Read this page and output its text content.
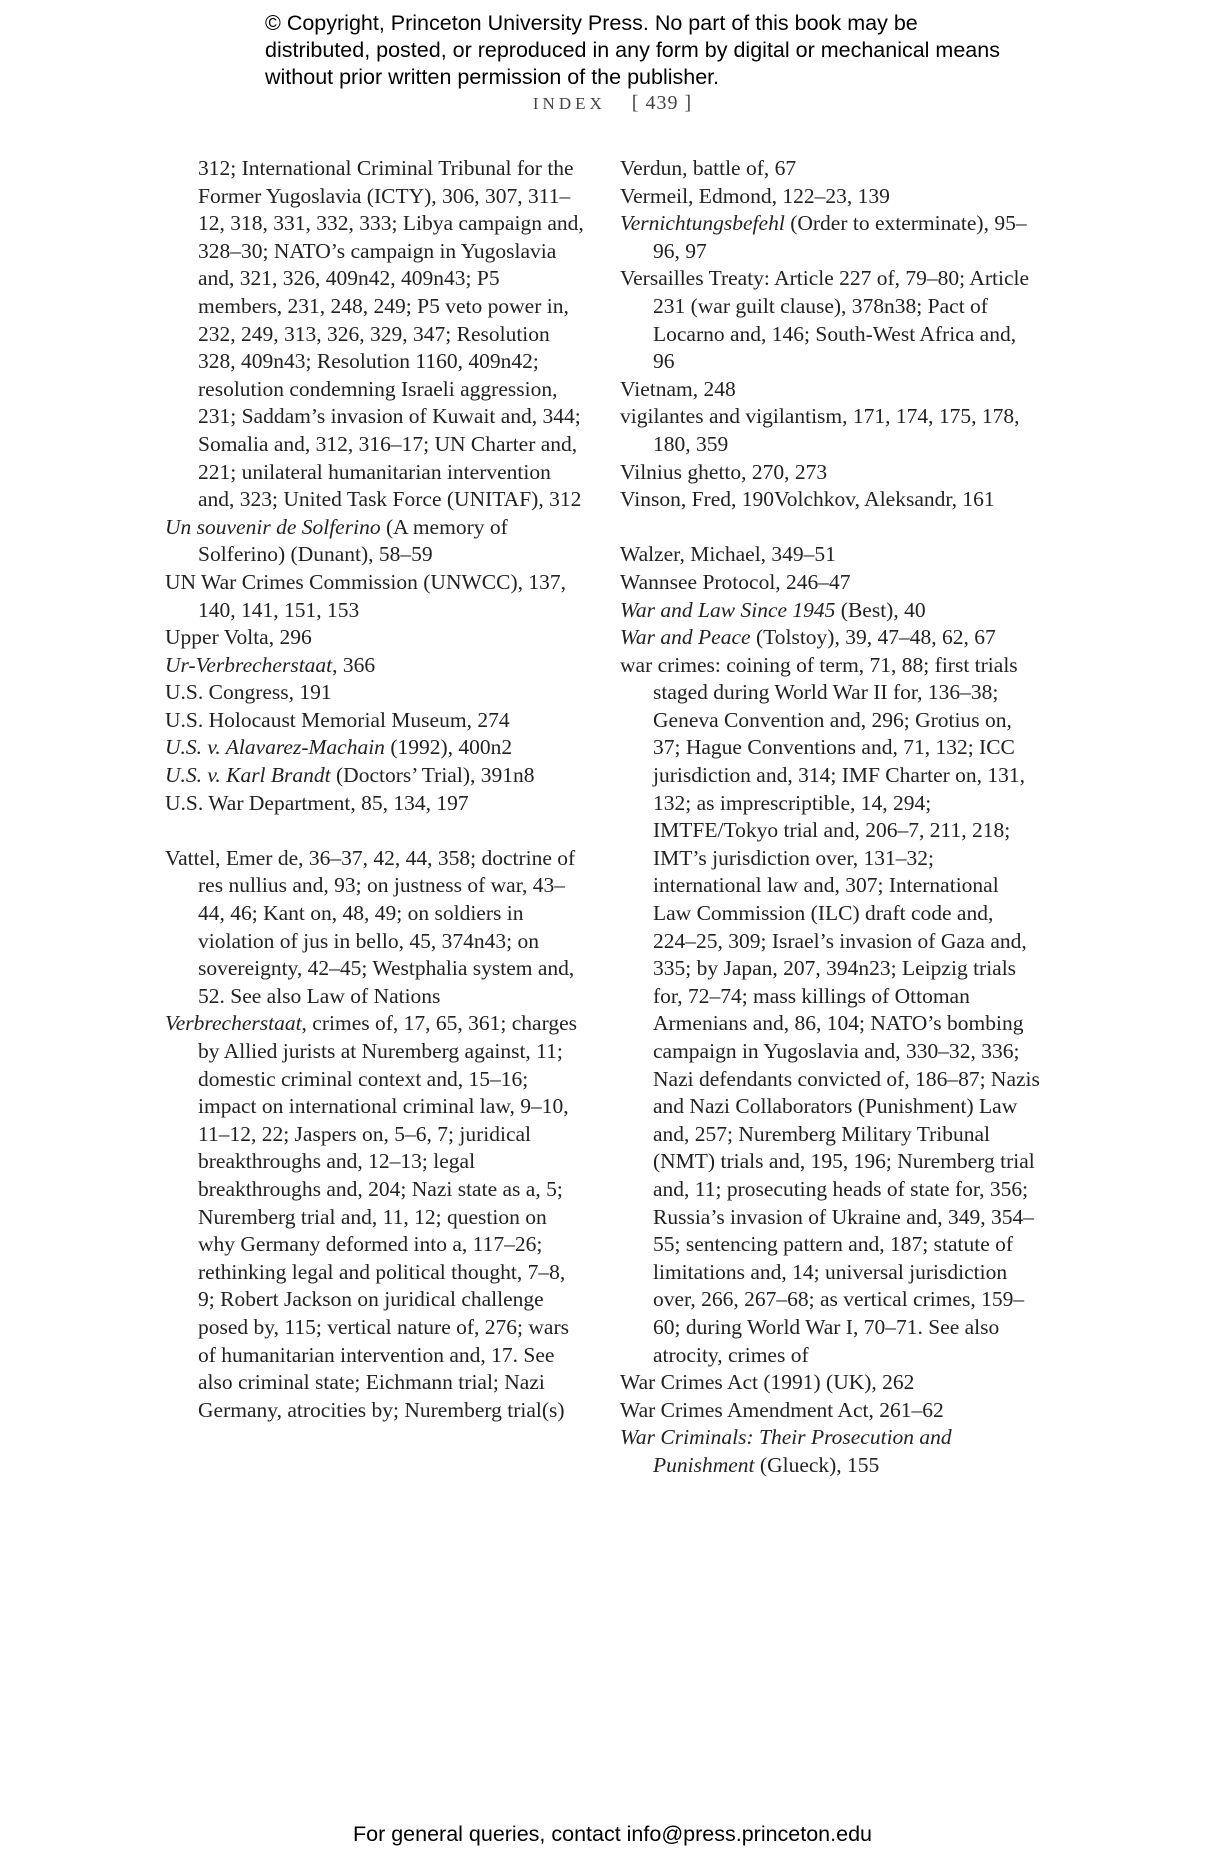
© Copyright, Princeton University Press. No part of this book may be distributed, posted, or reproduced in any form by digital or mechanical means without prior written permission of the publisher.
INDEX [ 439 ]

312; International Criminal Tribunal for the Former Yugoslavia (ICTY), 306, 307, 311–12, 318, 331, 332, 333; Libya campaign and, 328–30; NATO’s campaign in Yugoslavia and, 321, 326, 409n42, 409n43; P5 members, 231, 248, 249; P5 veto power in, 232, 249, 313, 326, 329, 347; Resolution 328, 409n43; Resolution 1160, 409n42; resolution condemning Israeli aggression, 231; Saddam’s invasion of Kuwait and, 344; Somalia and, 312, 316–17; UN Charter and, 221; unilateral humanitarian intervention and, 323; United Task Force (UNITAF), 312

Un souvenir de Solferino (A memory of Solferino) (Dunant), 58–59

UN War Crimes Commission (UNWCC), 137, 140, 141, 151, 153

Upper Volta, 296

Ur-Verbrecherstaat, 366

U.S. Congress, 191

U.S. Holocaust Memorial Museum, 274

U.S. v. Alavarez-Machain (1992), 400n2

U.S. v. Karl Brandt (Doctors’ Trial), 391n8

U.S. War Department, 85, 134, 197

Vattel, Emer de, 36–37, 42, 44, 358; doctrine of res nullius and, 93; on justness of war, 43–44, 46; Kant on, 48, 49; on soldiers in violation of jus in bello, 45, 374n43; on sovereignty, 42–45; Westphalia system and, 52. See also Law of Nations

Verbrecherstaat, crimes of, 17, 65, 361; charges by Allied jurists at Nuremberg against, 11; domestic criminal context and, 15–16; impact on international criminal law, 9–10, 11–12, 22; Jaspers on, 5–6, 7; juridical breakthroughs and, 12–13; legal breakthroughs and, 204; Nazi state as a, 5; Nuremberg trial and, 11, 12; question on why Germany deformed into a, 117–26; rethinking legal and political thought, 7–8, 9; Robert Jackson on juridical challenge posed by, 115; vertical nature of, 276; wars of humanitarian intervention and, 17. See also criminal state; Eichmann trial; Nazi Germany, atrocities by; Nuremberg trial(s)

Verdun, battle of, 67

Vermeil, Edmond, 122–23, 139

Vernichtungsbefehl (Order to exterminate), 95–96, 97

Versailles Treaty: Article 227 of, 79–80; Article 231 (war guilt clause), 378n38; Pact of Locarno and, 146; South-West Africa and, 96

Vietnam, 248

vigilantes and vigilantism, 171, 174, 175, 178, 180, 359

Vilnius ghetto, 270, 273

Vinson, Fred, 190Volchkov, Aleksandr, 161

Walzer, Michael, 349–51

Wannsee Protocol, 246–47

War and Law Since 1945 (Best), 40

War and Peace (Tolstoy), 39, 47–48, 62, 67

war crimes: coining of term, 71, 88; first trials staged during World War II for, 136–38; Geneva Convention and, 296; Grotius on, 37; Hague Conventions and, 71, 132; ICC jurisdiction and, 314; IMF Charter on, 131, 132; as imprescriptible, 14, 294; IMTFE/Tokyo trial and, 206–7, 211, 218; IMT’s jurisdiction over, 131–32; international law and, 307; International Law Commission (ILC) draft code and, 224–25, 309; Israel’s invasion of Gaza and, 335; by Japan, 207, 394n23; Leipzig trials for, 72–74; mass killings of Ottoman Armenians and, 86, 104; NATO’s bombing campaign in Yugoslavia and, 330–32, 336; Nazi defendants convicted of, 186–87; Nazis and Nazi Collaborators (Punishment) Law and, 257; Nuremberg Military Tribunal (NMT) trials and, 195, 196; Nuremberg trial and, 11; prosecuting heads of state for, 356; Russia’s invasion of Ukraine and, 349, 354–55; sentencing pattern and, 187; statute of limitations and, 14; universal jurisdiction over, 266, 267–68; as vertical crimes, 159–60; during World War I, 70–71. See also atrocity, crimes of

War Crimes Act (1991) (UK), 262

War Crimes Amendment Act, 261–62

War Criminals: Their Prosecution and Punishment (Glueck), 155

For general queries, contact info@press.princeton.edu
